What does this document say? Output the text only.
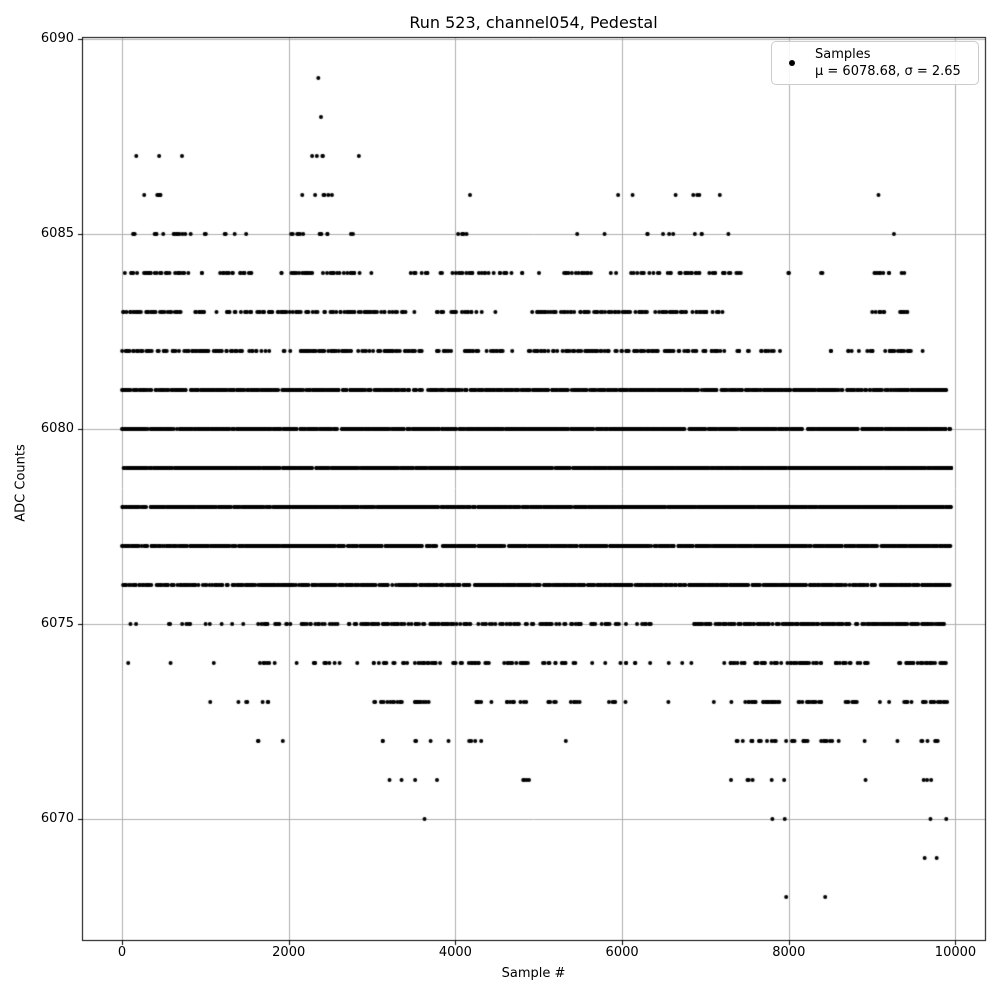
Run 523, channel054, Pedestal
Sample #
ADC Counts
0	2000	4000	6000	8000	10000
6070
6075
6080
6085
6090
Samples
μ = 6078.68, σ = 2.65
